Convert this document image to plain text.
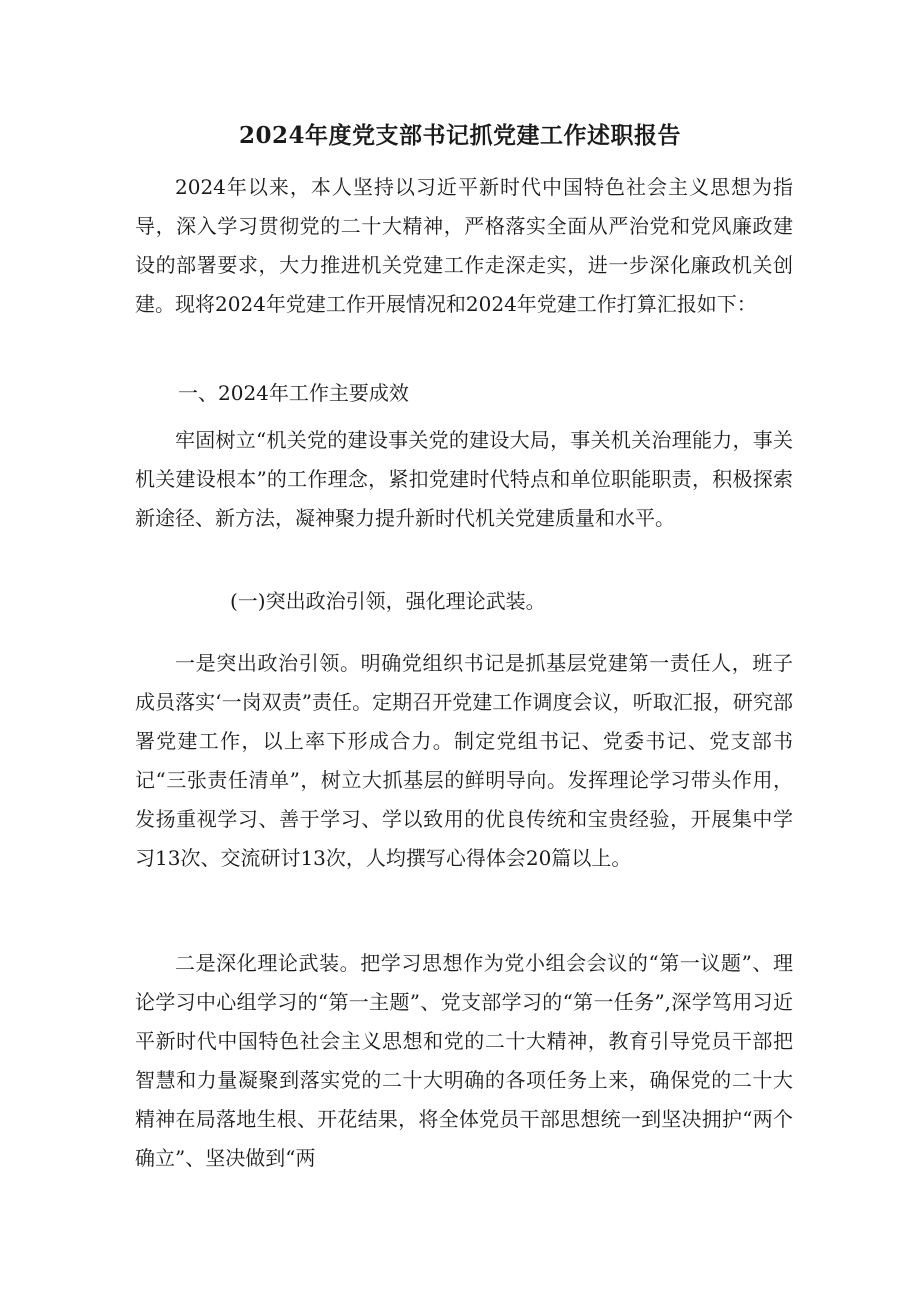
2024年度党支部书记抓党建工作述职报告

2024年以来，本人坚持以习近平新时代中国特色社会主义思想为指导，深入学习贯彻党的二十大精神，严格落实全面从严治党和党风廉政建设的部署要求，大力推进机关党建工作走深走实，进一步深化廉政机关创建。现将2024年党建工作开展情况和2024年党建工作打算汇报如下：

一、2024年工作主要成效

牢固树立“机关党的建设事关党的建设大局，事关机关治理能力，事关机关建设根本”的工作理念，紧扣党建时代特点和单位职能职责，积极探索新途径、新方法，凝神聚力提升新时代机关党建质量和水平。

(一)突出政治引领，强化理论武装。

一是突出政治引领。明确党组织书记是抓基层党建第一责任人，班子成员落实‘一岗双责”责任。定期召开党建工作调度会议，听取汇报，研究部署党建工作，以上率下形成合力。制定党组书记、党委书记、党支部书记“三张责任清单”，树立大抓基层的鲜明导向。发挥理论学习带头作用，发扬重视学习、善于学习、学以致用的优良传统和宝贵经验，开展集中学习13次、交流研讨13次，人均撰写心得体会20篇以上。

二是深化理论武装。把学习思想作为党小组会会议的“第一议题”、理论学习中心组学习的“第一主题”、党支部学习的“第一任务”,深学笃用习近平新时代中国特色社会主义思想和党的二十大精神，教育引导党员干部把智慧和力量凝聚到落实党的二十大明确的各项任务上来，确保党的二十大精神在局落地生根、开花结果，将全体党员干部思想统一到坚决拥护“两个确立”、坚决做到“两
